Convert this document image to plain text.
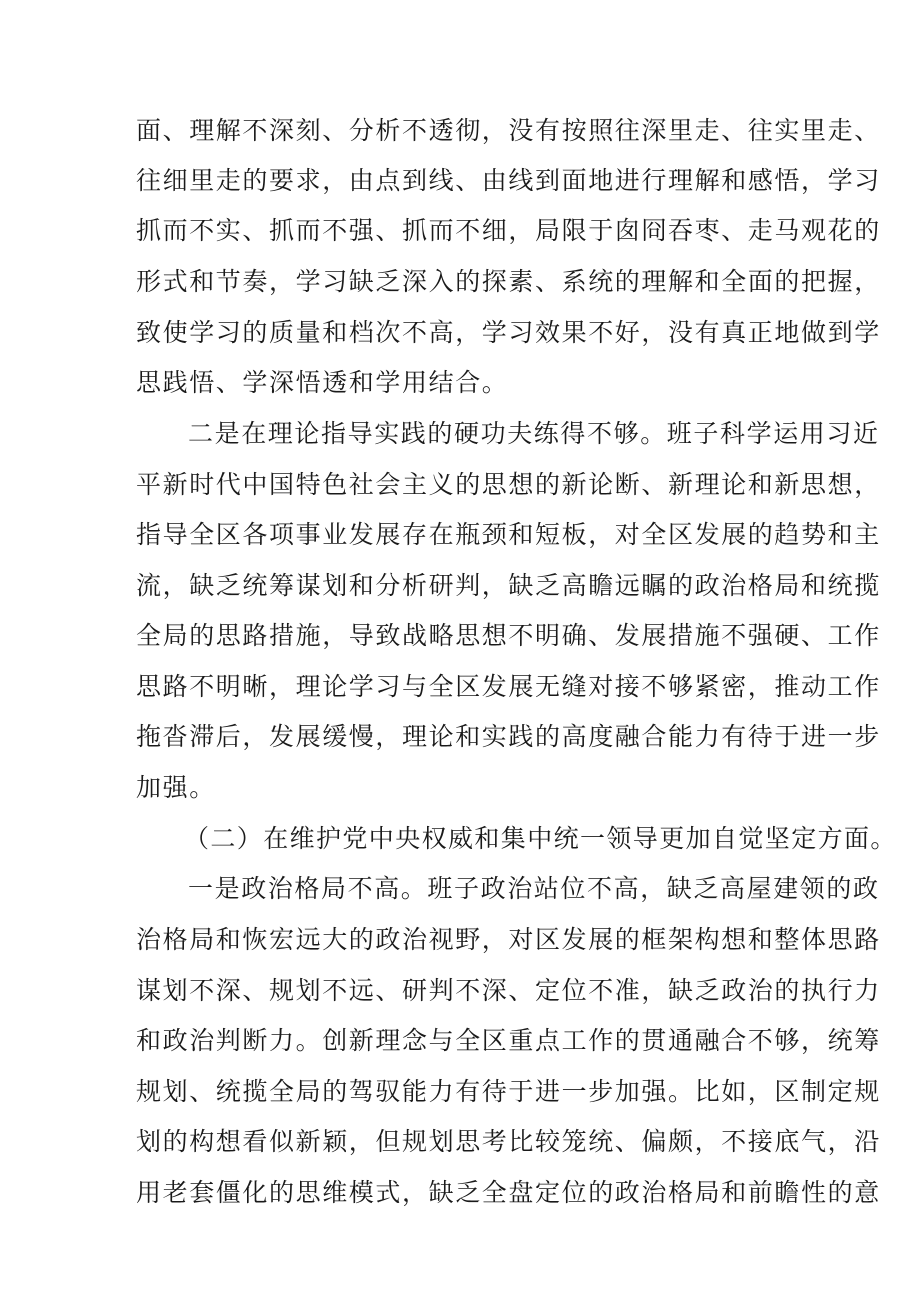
面、理解不深刻、分析不透彻，没有按照往深里走、往实里走、
往细里走的要求，由点到线、由线到面地进行理解和感悟，学习
抓而不实、抓而不强、抓而不细，局限于囱冏吞枣、走马观花的
形式和节奏，学习缺乏深入的探素、系统的理解和全面的把握，
致使学习的质量和档次不高，学习效果不好，没有真正地做到学
思践悟、学深悟透和学用结合。
二是在理论指导实践的硬功夫练得不够。班子科学运用习近
平新时代中国特色社会主义的思想的新论断、新理论和新思想，
指导全区各项事业发展存在瓶颈和短板，对全区发展的趋势和主
流，缺乏统筹谋划和分析研判，缺乏高瞻远瞩的政治格局和统揽
全局的思路措施，导致战略思想不明确、发展措施不强硬、工作
思路不明晰，理论学习与全区发展无缝对接不够紧密，推动工作
拖沓滞后，发展缓慢，理论和实践的高度融合能力有待于进一步
加强。
（二）在维护党中央权威和集中统一领导更加自觉坚定方面。
一是政治格局不高。班子政治站位不高，缺乏高屋建领的政
治格局和恢宏远大的政治视野，对区发展的框架构想和整体思路
谋划不深、规划不远、研判不深、定位不准，缺乏政治的执行力
和政治判断力。创新理念与全区重点工作的贯通融合不够，统筹
规划、统揽全局的驾驭能力有待于进一步加强。比如，区制定规
划的构想看似新颖，但规划思考比较笼统、偏颇，不接底气，沿
用老套僵化的思维模式，缺乏全盘定位的政治格局和前瞻性的意
